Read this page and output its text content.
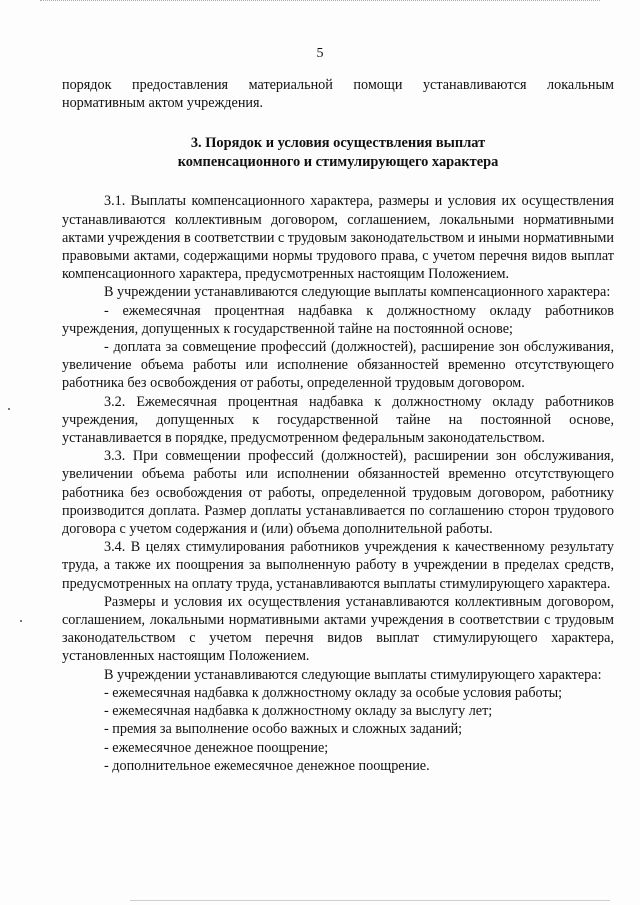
5

порядок предоставления материальной помощи устанавливаются локальным нормативным актом учреждения.

3. Порядок и условия осуществления выплат
компенсационного и стимулирующего характера

3.1. Выплаты компенсационного характера, размеры и условия их осуществления устанавливаются коллективным договором, соглашением, локальными нормативными актами учреждения в соответствии с трудовым законодательством и иными нормативными правовыми актами, содержащими нормы трудового права, с учетом перечня видов выплат компенсационного характера, предусмотренных настоящим Положением.

В учреждении устанавливаются следующие выплаты компенсационного характера:

- ежемесячная процентная надбавка к должностному окладу работников учреждения, допущенных к государственной тайне на постоянной основе;

- доплата за совмещение профессий (должностей), расширение зон обслуживания, увеличение объема работы или исполнение обязанностей временно отсутствующего работника без освобождения от работы, определенной трудовым договором.

3.2. Ежемесячная процентная надбавка к должностному окладу работников учреждения, допущенных к государственной тайне на постоянной основе, устанавливается в порядке, предусмотренном федеральным законодательством.

3.3. При совмещении профессий (должностей), расширении зон обслуживания, увеличении объема работы или исполнении обязанностей временно отсутствующего работника без освобождения от работы, определенной трудовым договором, работнику производится доплата. Размер доплаты устанавливается по соглашению сторон трудового договора с учетом содержания и (или) объема дополнительной работы.

3.4. В целях стимулирования работников учреждения к качественному результату труда, а также их поощрения за выполненную работу в учреждении в пределах средств, предусмотренных на оплату труда, устанавливаются выплаты стимулирующего характера.

Размеры и условия их осуществления устанавливаются коллективным договором, соглашением, локальными нормативными актами учреждения в соответствии с трудовым законодательством с учетом перечня видов выплат стимулирующего характера, установленных настоящим Положением.

В учреждении устанавливаются следующие выплаты стимулирующего характера:

- ежемесячная надбавка к должностному окладу за особые условия работы;

- ежемесячная надбавка к должностному окладу за выслугу лет;

- премия за выполнение особо важных и сложных заданий;

- ежемесячное денежное поощрение;

- дополнительное ежемесячное денежное поощрение.
